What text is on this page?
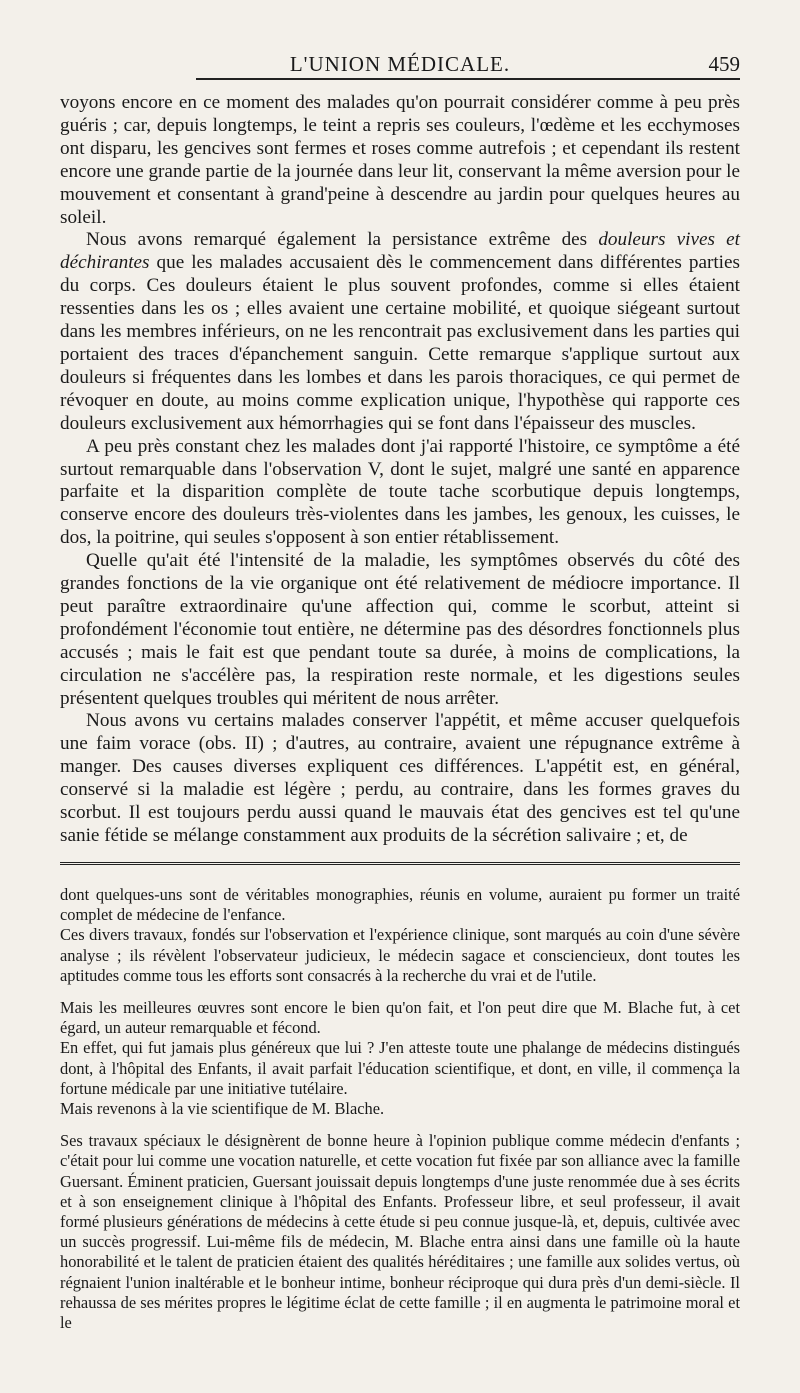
L'UNION MÉDICALE.	459

voyons encore en ce moment des malades qu'on pourrait considérer comme à peu près guéris ; car, depuis longtemps, le teint a repris ses couleurs, l'œdème et les ecchymoses ont disparu, les gencives sont fermes et roses comme autrefois ; et cependant ils restent encore une grande partie de la journée dans leur lit, conservant la même aversion pour le mouvement et consentant à grand'peine à descendre au jardin pour quelques heures au soleil.

Nous avons remarqué également la persistance extrême des douleurs vives et déchirantes que les malades accusaient dès le commencement dans différentes parties du corps. Ces douleurs étaient le plus souvent profondes, comme si elles étaient ressenties dans les os ; elles avaient une certaine mobilité, et quoique siégeant surtout dans les membres inférieurs, on ne les rencontrait pas exclusivement dans les parties qui portaient des traces d'épanchement sanguin. Cette remarque s'applique surtout aux douleurs si fréquentes dans les lombes et dans les parois thoraciques, ce qui permet de révoquer en doute, au moins comme explication unique, l'hypothèse qui rapporte ces douleurs exclusivement aux hémorrhagies qui se font dans l'épaisseur des muscles.

A peu près constant chez les malades dont j'ai rapporté l'histoire, ce symptôme a été surtout remarquable dans l'observation V, dont le sujet, malgré une santé en apparence parfaite et la disparition complète de toute tache scorbutique depuis longtemps, conserve encore des douleurs très-violentes dans les jambes, les genoux, les cuisses, le dos, la poitrine, qui seules s'opposent à son entier rétablissement.

Quelle qu'ait été l'intensité de la maladie, les symptômes observés du côté des grandes fonctions de la vie organique ont été relativement de médiocre importance. Il peut paraître extraordinaire qu'une affection qui, comme le scorbut, atteint si profondément l'économie tout entière, ne détermine pas des désordres fonctionnels plus accusés ; mais le fait est que pendant toute sa durée, à moins de complications, la circulation ne s'accélère pas, la respiration reste normale, et les digestions seules présentent quelques troubles qui méritent de nous arrêter.

Nous avons vu certains malades conserver l'appétit, et même accuser quelquefois une faim vorace (obs. II) ; d'autres, au contraire, avaient une répugnance extrême à manger. Des causes diverses expliquent ces différences. L'appétit est, en général, conservé si la maladie est légère ; perdu, au contraire, dans les formes graves du scorbut. Il est toujours perdu aussi quand le mauvais état des gencives est tel qu'une sanie fétide se mélange constamment aux produits de la sécrétion salivaire ; et, de

dont quelques-uns sont de véritables monographies, réunis en volume, auraient pu former un traité complet de médecine de l'enfance.

Ces divers travaux, fondés sur l'observation et l'expérience clinique, sont marqués au coin d'une sévère analyse ; ils révèlent l'observateur judicieux, le médecin sagace et consciencieux, dont toutes les aptitudes comme tous les efforts sont consacrés à la recherche du vrai et de l'utile.

Mais les meilleures œuvres sont encore le bien qu'on fait, et l'on peut dire que M. Blache fut, à cet égard, un auteur remarquable et fécond.

En effet, qui fut jamais plus généreux que lui ? J'en atteste toute une phalange de médecins distingués dont, à l'hôpital des Enfants, il avait parfait l'éducation scientifique, et dont, en ville, il commença la fortune médicale par une initiative tutélaire.

Mais revenons à la vie scientifique de M. Blache.

Ses travaux spéciaux le désignèrent de bonne heure à l'opinion publique comme médecin d'enfants ; c'était pour lui comme une vocation naturelle, et cette vocation fut fixée par son alliance avec la famille Guersant. Éminent praticien, Guersant jouissait depuis longtemps d'une juste renommée due à ses écrits et à son enseignement clinique à l'hôpital des Enfants. Professeur libre, et seul professeur, il avait formé plusieurs générations de médecins à cette étude si peu connue jusque-là, et, depuis, cultivée avec un succès progressif. Lui-même fils de médecin, M. Blache entra ainsi dans une famille où la haute honorabilité et le talent de praticien étaient des qualités héréditaires ; une famille aux solides vertus, où régnaient l'union inaltérable et le bonheur intime, bonheur réciproque qui dura près d'un demi-siècle. Il rehaussa de ses mérites propres le légitime éclat de cette famille ; il en augmenta le patrimoine moral et le
